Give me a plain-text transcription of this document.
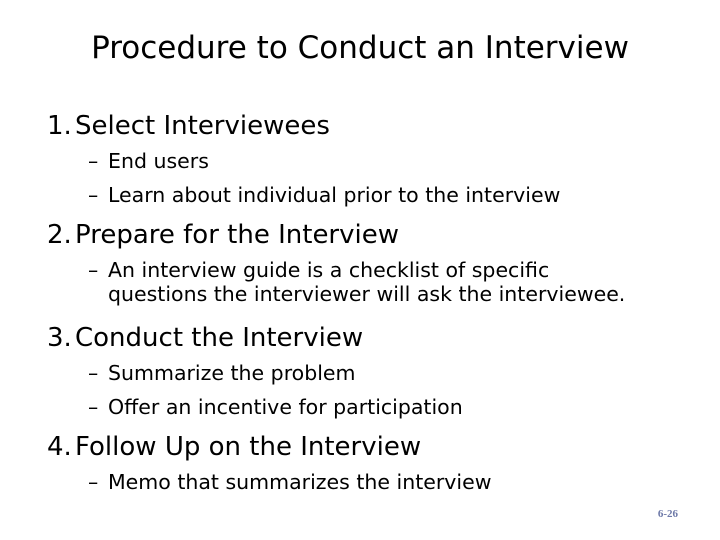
Procedure to Conduct an Interview
1. Select Interviewees
– End users
– Learn about individual prior to the interview
2. Prepare for the Interview
– An interview guide is a checklist of specific
questions the interviewer will ask the interviewee.
3. Conduct the Interview
– Summarize the problem
– Offer an incentive for participation
4. Follow Up on the Interview
– Memo that summarizes the interview
6-26
